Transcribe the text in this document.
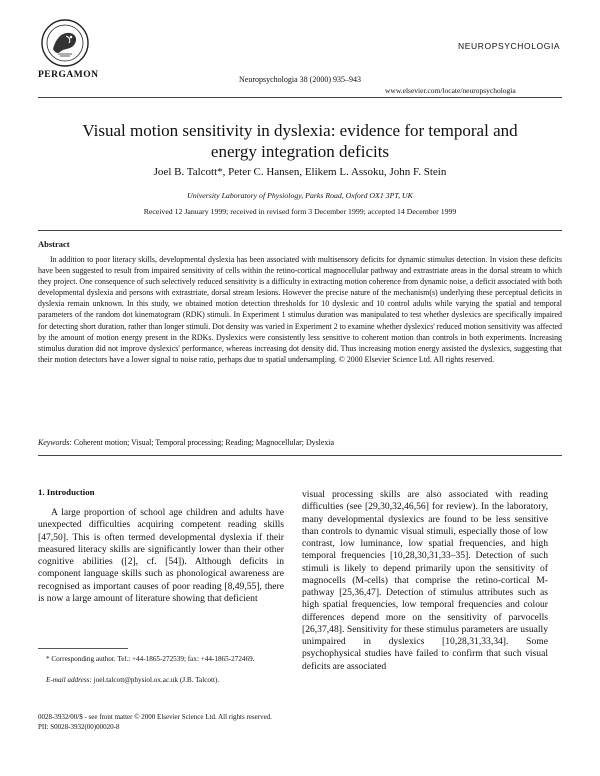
PERGAMON
NEUROPSYCHOLOGIA
Neuropsychologia 38 (2000) 935–943
www.elsevier.com/locate/neuropsychologia
Visual motion sensitivity in dyslexia: evidence for temporal and
energy integration deficits
Joel B. Talcott*, Peter C. Hansen, Elikem L. Assoku, John F. Stein
University Laboratory of Physiology, Parks Road, Oxford OX1 3PT, UK
Received 12 January 1999; received in revised form 3 December 1999; accepted 14 December 1999
Abstract
In addition to poor literacy skills, developmental dyslexia has been associated with multisensory deficits for dynamic stimulus detection. In vision these deficits have been suggested to result from impaired sensitivity of cells within the retino-cortical magnocellular pathway and extrastriate areas in the dorsal stream to which they project. One consequence of such selectively reduced sensitivity is a difficulty in extracting motion coherence from dynamic noise, a deficit associated with both developmental dyslexia and persons with extrastriate, dorsal stream lesions. However the precise nature of the mechanism(s) underlying these perceptual deficits in dyslexia remain unknown. In this study, we obtained motion detection thresholds for 10 dyslexic and 10 control adults while varying the spatial and temporal parameters of the random dot kinematogram (RDK) stimuli. In Experiment 1 stimulus duration was manipulated to test whether dyslexics are specifically impaired for detecting short duration, rather than longer stimuli. Dot density was varied in Experiment 2 to examine whether dyslexics' reduced motion sensitivity was affected by the amount of motion energy present in the RDKs. Dyslexics were consistently less sensitive to coherent motion than controls in both experiments. Increasing stimulus duration did not improve dyslexics' performance, whereas increasing dot density did. Thus increasing motion energy assisted the dyslexics, suggesting that their motion detectors have a lower signal to noise ratio, perhaps due to spatial undersampling. © 2000 Elsevier Science Ltd. All rights reserved.
Keywords: Coherent motion; Visual; Temporal processing; Reading; Magnocellular; Dyslexia
1. Introduction
A large proportion of school age children and adults have unexpected difficulties acquiring competent reading skills [47,50]. This is often termed developmental dyslexia if their measured literacy skills are significantly lower than their other cognitive abilities ([2], cf. [54]). Although deficits in component language skills such as phonological awareness are recognised as important causes of poor reading [8,49,55], there is now a large amount of literature showing that deficient
visual processing skills are also associated with reading difficulties (see [29,30,32,46,56] for review). In the laboratory, many developmental dyslexics are found to be less sensitive than controls to dynamic visual stimuli, especially those of low contrast, low luminance, low spatial frequencies, and high temporal frequencies [10,28,30,31,33–35]. Detection of such stimuli is likely to depend primarily upon the sensitivity of magnocells (M-cells) that comprise the retino-cortical M-pathway [25,36,47]. Detection of stimulus attributes such as high spatial frequencies, low temporal frequencies and colour differences depend more on the sensitivity of parvocells [26,37,48]. Sensitivity for these stimulus parameters are usually unimpaired in dyslexics [10,28,31,33,34]. Some psychophysical studies have failed to confirm that such visual deficits are associated
* Corresponding author. Tel.: +44-1865-272539; fax: +44-1865-272469.
E-mail address: joel.talcott@physiol.ox.ac.uk (J.B. Talcott).
0028-3932/00/$ - see front matter © 2000 Elsevier Science Ltd. All rights reserved.
PII: S0028-3932(00)00020-8
